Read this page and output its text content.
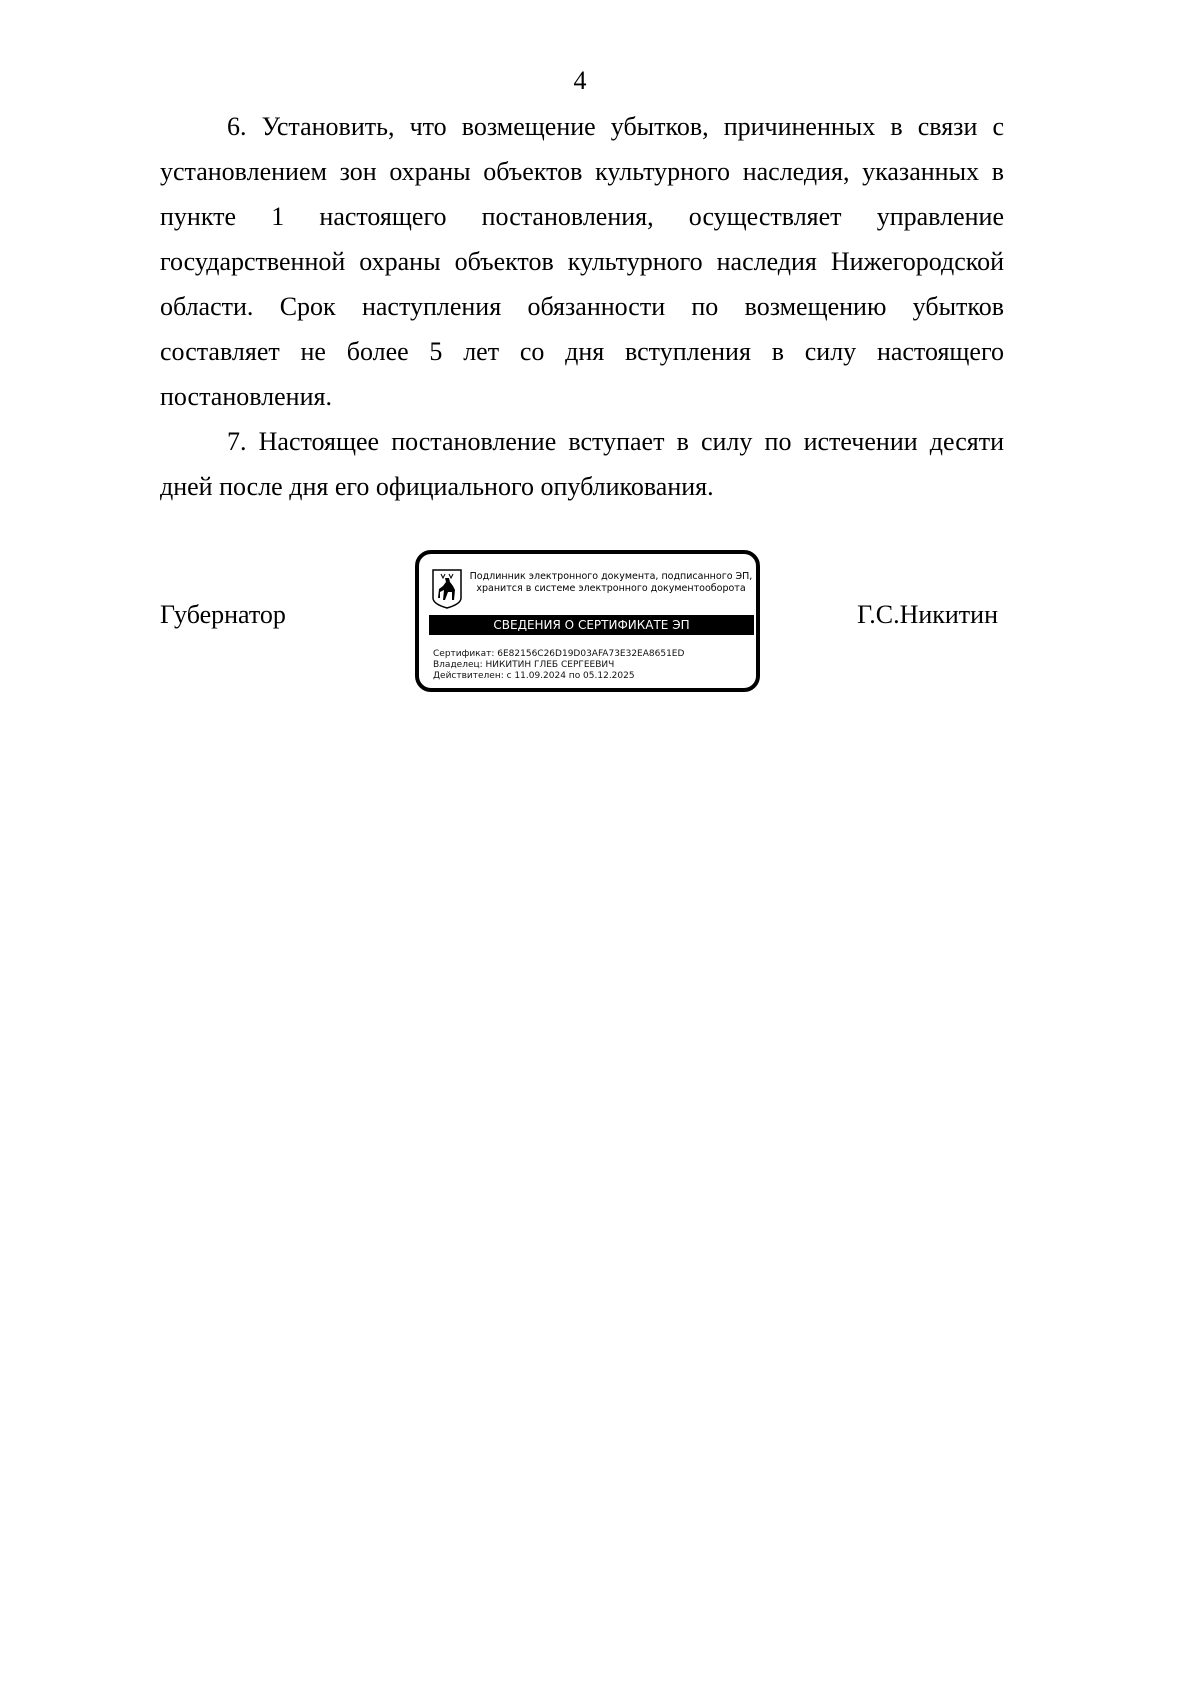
4

6. Установить, что возмещение убытков, причиненных в связи с установлением зон охраны объектов культурного наследия, указанных в пункте 1 настоящего постановления, осуществляет управление государственной охраны объектов культурного наследия Нижегородской области. Срок наступления обязанности по возмещению убытков составляет не более 5 лет со дня вступления в силу настоящего постановления.

7. Настоящее постановление вступает в силу по истечении десяти дней после дня его официального опубликования.

Губернатор
Подлинник электронного документа, подписанного ЭП,
хранится в системе электронного документооборота
СВЕДЕНИЯ О СЕРТИФИКАТЕ ЭП
Сертификат: 6E82156C26D19D03AFA73E32EA8651ED
Владелец: НИКИТИН ГЛЕБ СЕРГЕЕВИЧ
Действителен: с 11.09.2024 по 05.12.2025
Г.С.Никитин
